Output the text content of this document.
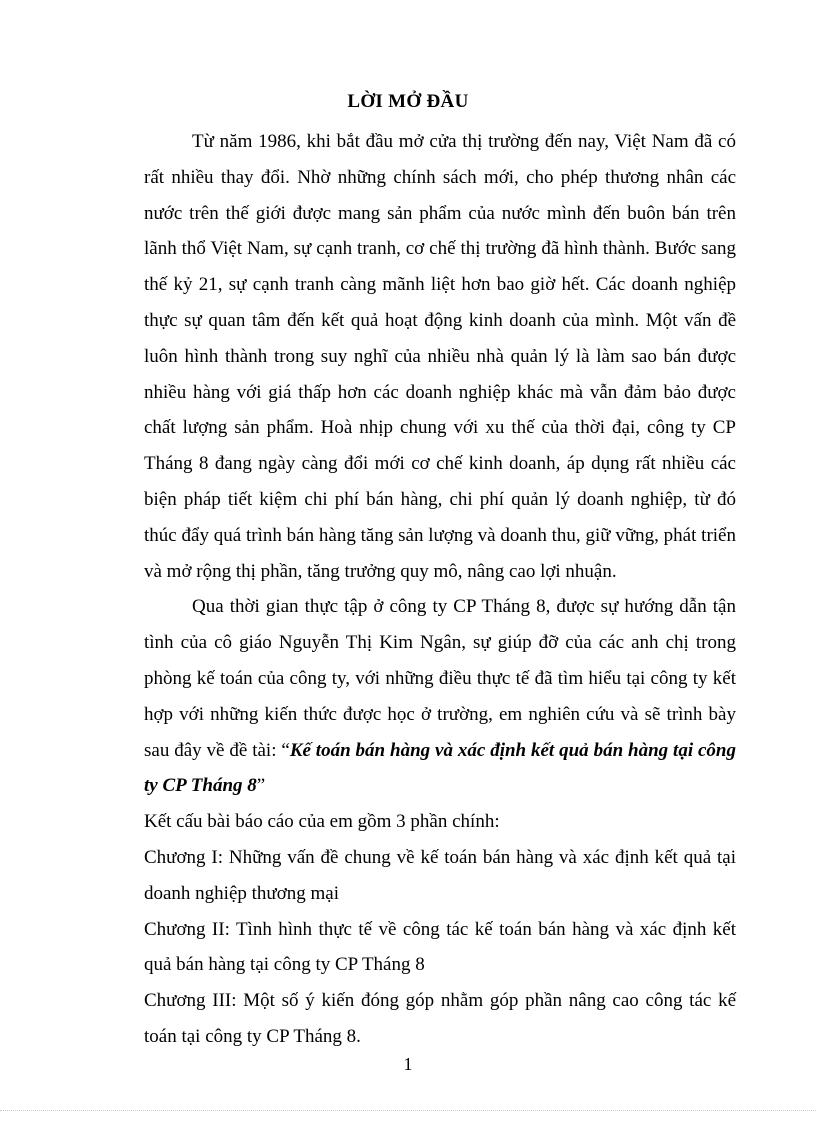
LỜI MỞ ĐẦU

Từ năm 1986, khi bắt đầu mở cửa thị trường đến nay, Việt Nam đã có rất nhiều thay đổi. Nhờ những chính sách mới, cho phép thương nhân các nước trên thế giới được mang sản phẩm của nước mình đến buôn bán trên lãnh thổ Việt Nam, sự cạnh tranh, cơ chế thị trường đã hình thành. Bước sang thế kỷ 21, sự cạnh tranh càng mãnh liệt hơn bao giờ hết. Các doanh nghiệp thực sự quan tâm đến kết quả hoạt động kinh doanh của mình. Một vấn đề luôn hình thành trong suy nghĩ của nhiều nhà quản lý là làm sao bán được nhiều hàng với giá thấp hơn các doanh nghiệp khác mà vẫn đảm bảo được chất lượng sản phẩm. Hoà nhịp chung với xu thế của thời đại, công ty CP Tháng 8 đang ngày càng đổi mới cơ chế kinh doanh, áp dụng rất nhiều các biện pháp tiết kiệm chi phí bán hàng, chi phí quản lý doanh nghiệp, từ đó thúc đẩy quá trình bán hàng tăng sản lượng và doanh thu, giữ vững, phát triển và mở rộng thị phần, tăng trưởng quy mô, nâng cao lợi nhuận.

Qua thời gian thực tập ở công ty CP Tháng 8, được sự hướng dẫn tận tình của cô giáo Nguyễn Thị Kim Ngân, sự giúp đỡ của các anh chị trong phòng kế toán của công ty, với những điều thực tế đã tìm hiểu tại công ty kết hợp với những kiến thức được học ở trường, em nghiên cứu và sẽ trình bày sau đây về đề tài: “Kế toán bán hàng và xác định kết quả bán hàng tại công ty CP Tháng 8”

Kết cấu bài báo cáo của em gồm 3 phần chính:

Chương I: Những vấn đề chung về kế toán bán hàng và xác định kết quả tại doanh nghiệp thương mại

Chương II: Tình hình thực tế về công tác kế toán bán hàng và xác định kết quả bán hàng tại công ty CP Tháng 8

Chương III: Một số ý kiến đóng góp nhằm góp phần nâng cao công tác kế toán tại công ty CP Tháng 8.

1
